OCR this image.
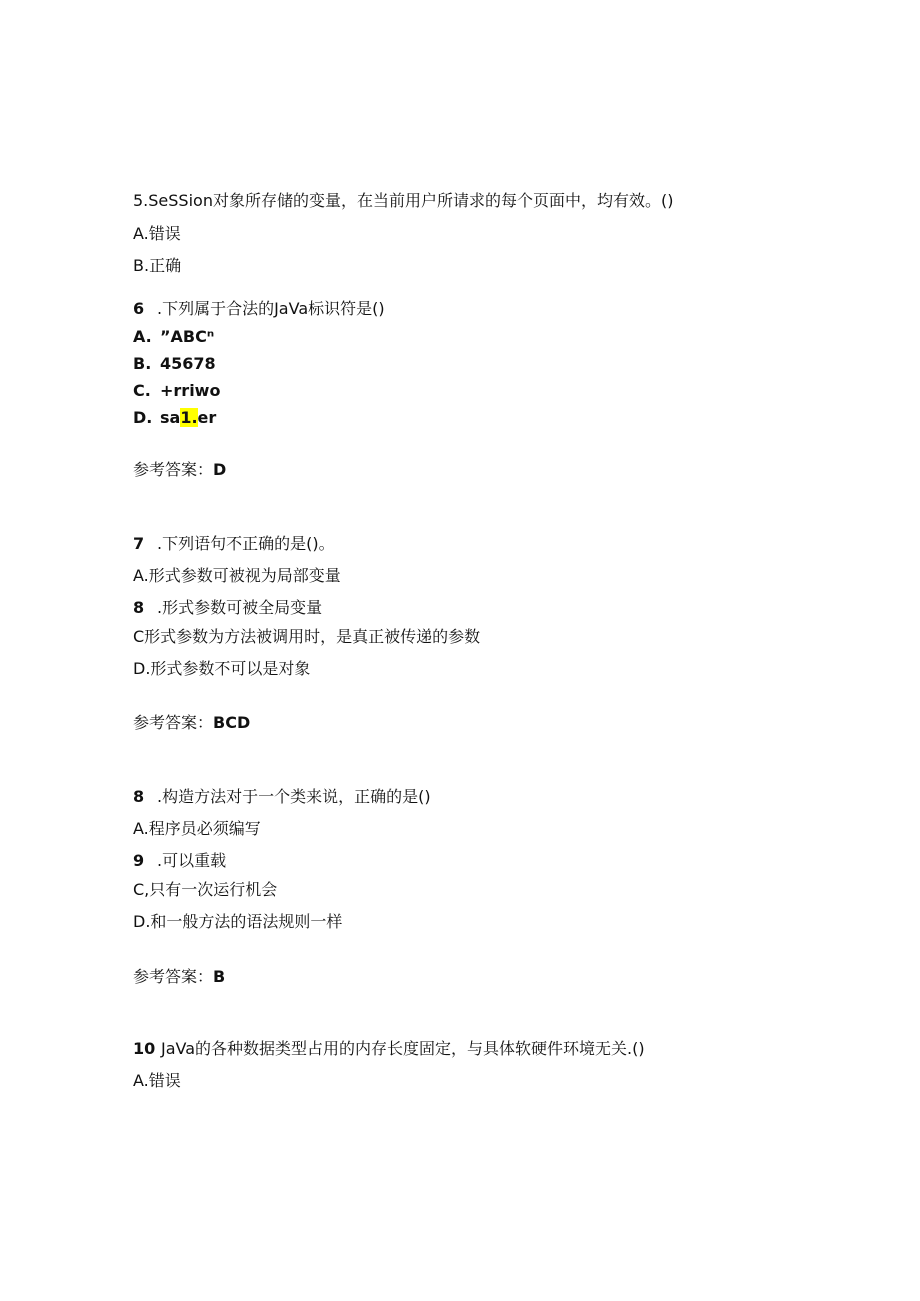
5.SeSSion对象所存储的变量，在当前用户所请求的每个页面中，均有效。()
A.错误
B.正确
6 .下列属于合法的JaVa标识符是()
A. ”ABCⁿ
B. 45678
C. +rriwo
D. sa1.er
参考答案：D
7 .下列语句不正确的是()。
A.形式参数可被视为局部变量
8 .形式参数可被全局变量
C形式参数为方法被调用时，是真正被传递的参数
D.形式参数不可以是对象
参考答案：BCD
8 .构造方法对于一个类来说，正确的是()
A.程序员必须编写
9 .可以重载
C,只有一次运行机会
D.和一般方法的语法规则一样
参考答案：B
10 JaVa的各种数据类型占用的内存长度固定，与具体软硬件环境无关.()
A.错误
